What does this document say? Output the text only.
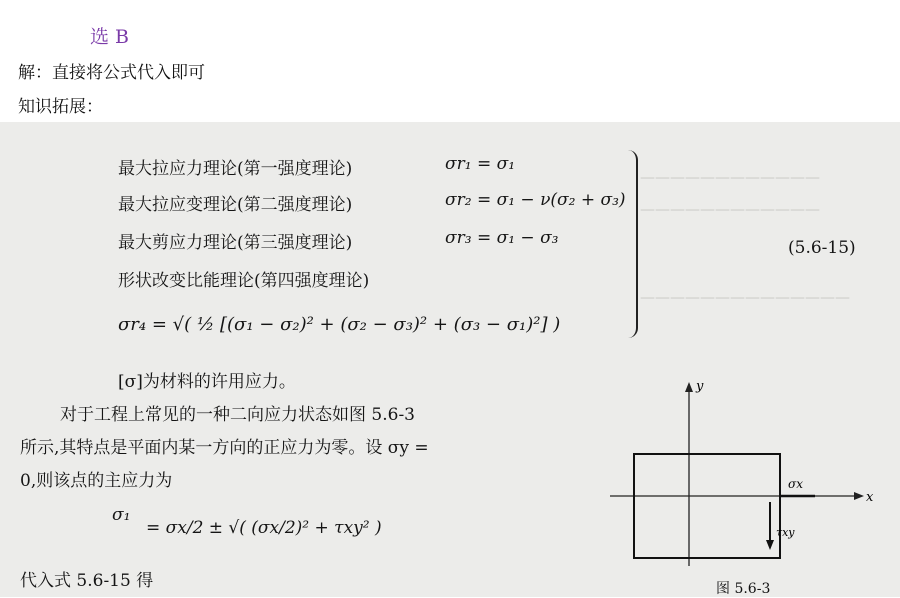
选 B
解：直接将公式代入即可
知识拓展：
————————————
————————————
——————————————
最大拉应力理论(第一强度理论)	σr₁ = σ₁
最大拉应变理论(第二强度理论)	σr₂ = σ₁ − ν(σ₂ + σ₃)
最大剪应力理论(第三强度理论)	σr₃ = σ₁ − σ₃
形状改变比能理论(第四强度理论)
σr₄ = √( ½ [(σ₁ − σ₂)² + (σ₂ − σ₃)² + (σ₃ − σ₁)²] )
(5.6-15)
[σ]为材料的许用应力。
对于工程上常见的一种二向应力状态如图 5.6-3
所示,其特点是平面内某一方向的正应力为零。设 σy =
0,则该点的主应力为
σ₁
= σx/2 ± √( (σx/2)² + τxy² )
代入式 5.6-15 得
y
x
σx
τxy
图 5.6-3
